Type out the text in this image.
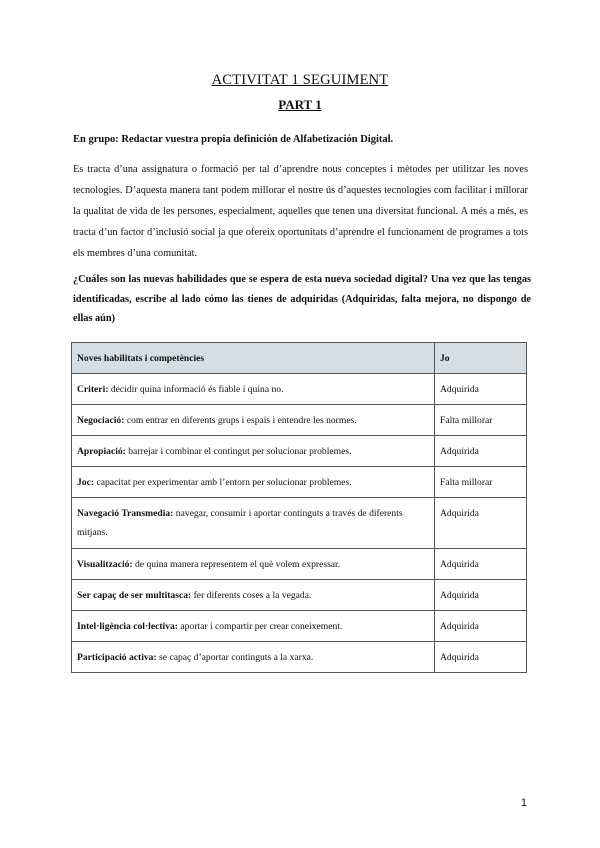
ACTIVITAT 1 SEGUIMENT
PART 1
En grupo: Redactar vuestra propia definición de Alfabetización Digital.
Es tracta d’una assignatura o formació per tal d’aprendre nous conceptes i mètodes per utilitzar les noves tecnologies. D’aquesta manera tant podem millorar el nostre ús d’aquestes tecnologies com facilitar i millorar la qualitat de vida de les persones, especialment, aquelles que tenen una diversitat funcional. A més a més, es tracta d’un factor d’inclusió social ja que ofereix oportunitats d’aprendre el funcionament de programes a tots els membres d’una comunitat.
¿Cuáles son las nuevas habilidades que se espera de esta nueva sociedad digital? Una vez que las tengas identificadas, escribe al lado cómo las tienes de adquiridas (Adquiridas, falta mejora, no dispongo de ellas aún)
Noves habilitats i competències	Jo
Criteri: decidir quina informació és fiable i quina no.	Adquirida
Negociació: com entrar en diferents grups i espais i entendre les normes.	Falta millorar
Apropiació: barrejar i combinar el contingut per solucionar problemes.	Adquirida
Joc: capacitat per experimentar amb l’entorn per solucionar problemes.	Falta millorar
Navegació Transmedia: navegar, consumir i aportar continguts a través de diferents mitjans.	Adquirida
Visualització: de quina manera representem el què volem expressar.	Adquirida
Ser capaç de ser multitasca: fer diferents coses a la vegada.	Adquirida
Intel·ligència col·lectiva: aportar i compartir per crear coneixement.	Adquirida
Participació activa: se capaç d’aportar continguts a la xarxa.	Adquirida
1
